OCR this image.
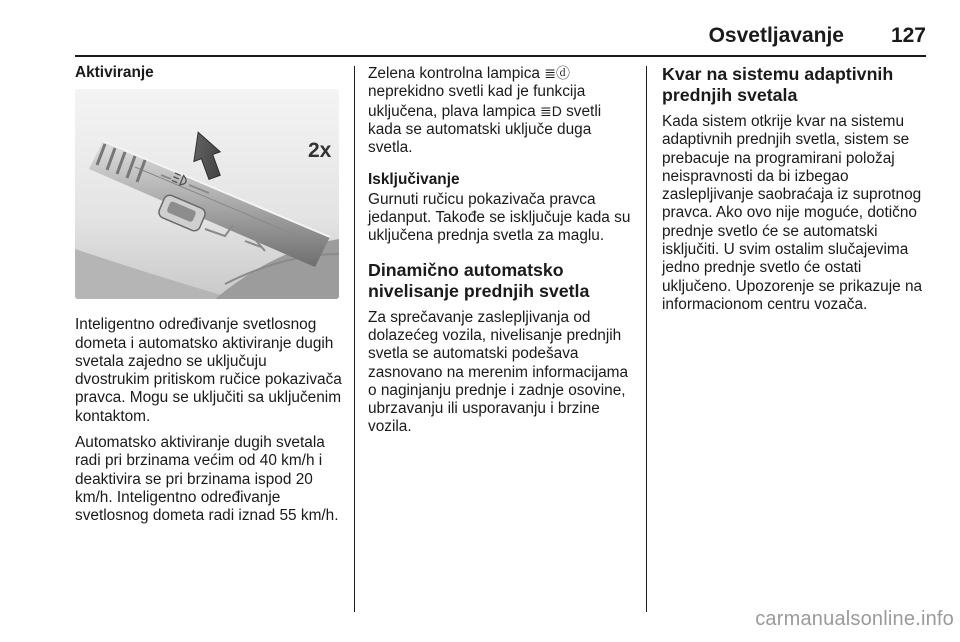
Osvetljavanje	127
Aktiviranje
2x

Inteligentno određivanje svetlosnog dometa i automatsko aktiviranje dugih svetala zajedno se uključuju dvostrukim pritiskom ručice pokazivača pravca. Mogu se uključiti sa uključenim kontaktom.

Automatsko aktiviranje dugih svetala radi pri brzinama većim od 40 km/h i deaktivira se pri brzinama ispod 20 km/h. Inteligentno određivanje svetlosnog dometa radi iznad 55 km/h.

Zelena kontrolna lampica ≣ⓓ neprekidno svetli kad je funkcija uključena, plava lampica ≣D svetli kada se automatski uključe duga svetla.

Isključivanje

Gurnuti ručicu pokazivača pravca jedanput. Takođe se isključuje kada su uključena prednja svetla za maglu.

Dinamično automatsko nivelisanje prednjih svetla

Za sprečavanje zaslepljivanja od dolazećeg vozila, nivelisanje prednjih svetla se automatski podešava zasnovano na merenim informacijama o naginjanju prednje i zadnje osovine, ubrzavanju ili usporavanju i brzine vozila.

Kvar na sistemu adaptivnih prednjih svetala

Kada sistem otkrije kvar na sistemu adaptivnih prednjih svetla, sistem se prebacuje na programirani položaj neispravnosti da bi izbegao zaslepljivanje saobraćaja iz suprotnog pravca. Ako ovo nije moguće, dotično prednje svetlo će se automatski isključiti. U svim ostalim slučajevima jedno prednje svetlo će ostati uključeno. Upozorenje se prikazuje na informacionom centru vozača.

carmanualsonline.info
